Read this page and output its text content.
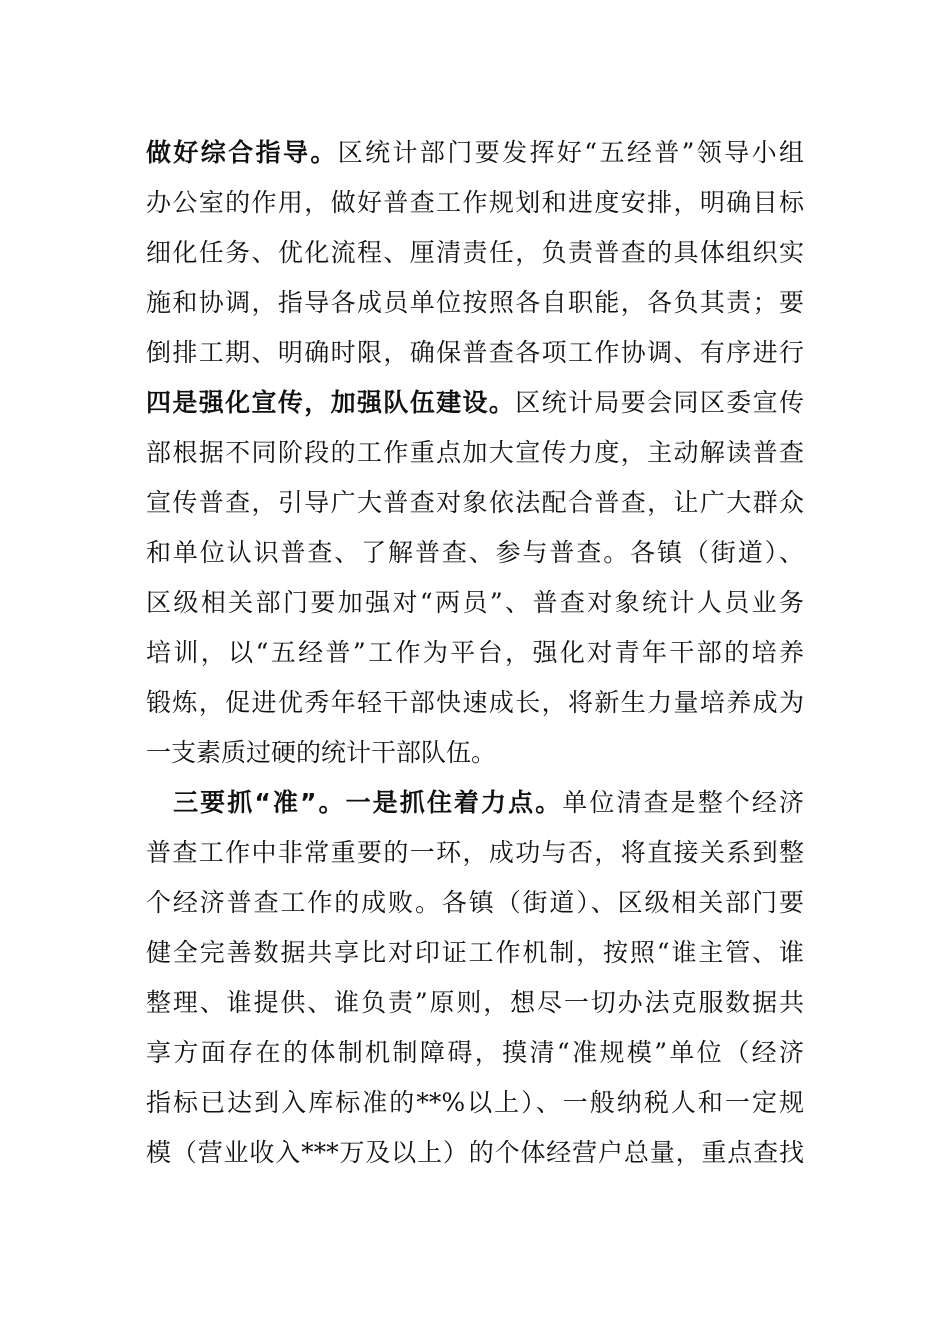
做好综合指导。区统计部门要发挥好“五经普”领导小组
办公室的作用，做好普查工作规划和进度安排，明确目标
细化任务、优化流程、厘清责任，负责普查的具体组织实
施和协调，指导各成员单位按照各自职能，各负其责；要
倒排工期、明确时限，确保普查各项工作协调、有序进行
四是强化宣传，加强队伍建设。区统计局要会同区委宣传
部根据不同阶段的工作重点加大宣传力度，主动解读普查
宣传普查，引导广大普查对象依法配合普查，让广大群众
和单位认识普查、了解普查、参与普查。各镇（街道）、
区级相关部门要加强对“两员”、普查对象统计人员业务
培训，以“五经普”工作为平台，强化对青年干部的培养
锻炼，促进优秀年轻干部快速成长，将新生力量培养成为
一支素质过硬的统计干部队伍。
　三要抓“准”。一是抓住着力点。单位清查是整个经济
普查工作中非常重要的一环，成功与否，将直接关系到整
个经济普查工作的成败。各镇（街道）、区级相关部门要
健全完善数据共享比对印证工作机制，按照“谁主管、谁
整理、谁提供、谁负责”原则，想尽一切办法克服数据共
享方面存在的体制机制障碍，摸清“准规模”单位（经济
指标已达到入库标准的**%以上）、一般纳税人和一定规
模（营业收入***万及以上）的个体经营户总量，重点查找
